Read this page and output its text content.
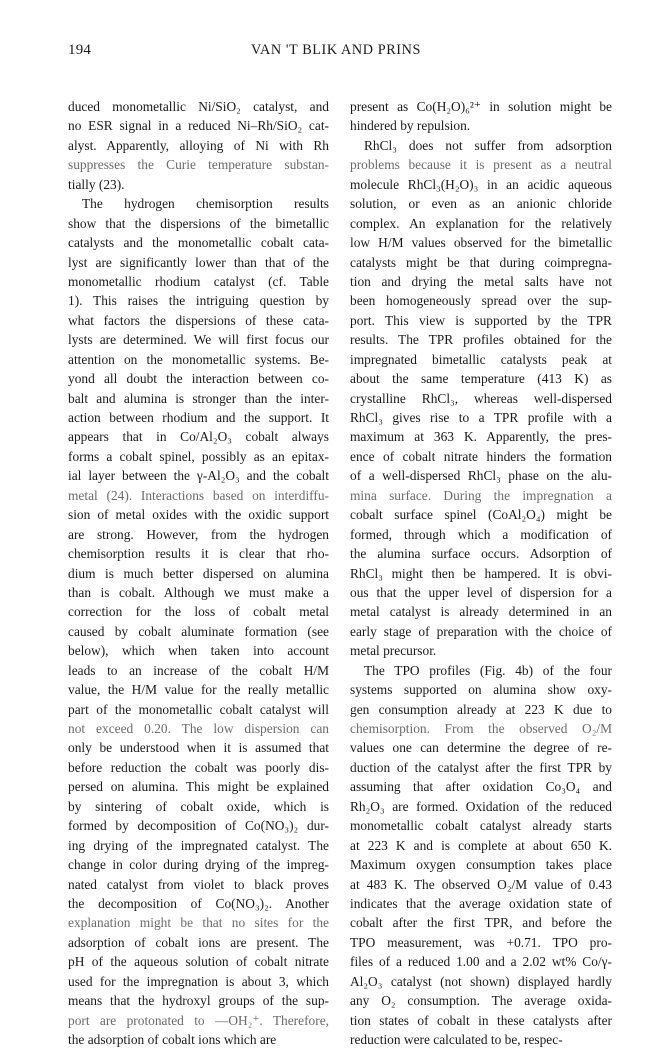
194	VAN 'T BLIK AND PRINS
duced monometallic Ni/SiO₂ catalyst, and
no ESR signal in a reduced Ni–Rh/SiO₂ cat-
alyst. Apparently, alloying of Ni with Rh
suppresses the Curie temperature substan-
tially (23).
The hydrogen chemisorption results
show that the dispersions of the bimetallic
catalysts and the monometallic cobalt cata-
lyst are significantly lower than that of the
monometallic rhodium catalyst (cf. Table
1). This raises the intriguing question by
what factors the dispersions of these cata-
lysts are determined. We will first focus our
attention on the monometallic systems. Be-
yond all doubt the interaction between co-
balt and alumina is stronger than the inter-
action between rhodium and the support. It
appears that in Co/Al₂O₃ cobalt always
forms a cobalt spinel, possibly as an epitax-
ial layer between the γ-Al₂O₃ and the cobalt
metal (24). Interactions based on interdiffu-
sion of metal oxides with the oxidic support
are strong. However, from the hydrogen
chemisorption results it is clear that rho-
dium is much better dispersed on alumina
than is cobalt. Although we must make a
correction for the loss of cobalt metal
caused by cobalt aluminate formation (see
below), which when taken into account
leads to an increase of the cobalt H/M
value, the H/M value for the really metallic
part of the monometallic cobalt catalyst will
not exceed 0.20. The low dispersion can
only be understood when it is assumed that
before reduction the cobalt was poorly dis-
persed on alumina. This might be explained
by sintering of cobalt oxide, which is
formed by decomposition of Co(NO₃)₂ dur-
ing drying of the impregnated catalyst. The
change in color during drying of the impreg-
nated catalyst from violet to black proves
the decomposition of Co(NO₃)₂. Another
explanation might be that no sites for the
adsorption of cobalt ions are present. The
pH of the aqueous solution of cobalt nitrate
used for the impregnation is about 3, which
means that the hydroxyl groups of the sup-
port are protonated to —OH₂⁺. Therefore,
the adsorption of cobalt ions which are
present as Co(H₂O)₆²⁺ in solution might be
hindered by repulsion.
RhCl₃ does not suffer from adsorption
problems because it is present as a neutral
molecule RhCl₃(H₂O)₃ in an acidic aqueous
solution, or even as an anionic chloride
complex. An explanation for the relatively
low H/M values observed for the bimetallic
catalysts might be that during coimpregna-
tion and drying the metal salts have not
been homogeneously spread over the sup-
port. This view is supported by the TPR
results. The TPR profiles obtained for the
impregnated bimetallic catalysts peak at
about the same temperature (413 K) as
crystalline RhCl₃, whereas well-dispersed
RhCl₃ gives rise to a TPR profile with a
maximum at 363 K. Apparently, the pres-
ence of cobalt nitrate hinders the formation
of a well-dispersed RhCl₃ phase on the alu-
mina surface. During the impregnation a
cobalt surface spinel (CoAl₂O₄) might be
formed, through which a modification of
the alumina surface occurs. Adsorption of
RhCl₃ might then be hampered. It is obvi-
ous that the upper level of dispersion for a
metal catalyst is already determined in an
early stage of preparation with the choice of
metal precursor.
The TPO profiles (Fig. 4b) of the four
systems supported on alumina show oxy-
gen consumption already at 223 K due to
chemisorption. From the observed O₂/M
values one can determine the degree of re-
duction of the catalyst after the first TPR by
assuming that after oxidation Co₃O₄ and
Rh₂O₃ are formed. Oxidation of the reduced
monometallic cobalt catalyst already starts
at 223 K and is complete at about 650 K.
Maximum oxygen consumption takes place
at 483 K. The observed O₂/M value of 0.43
indicates that the average oxidation state of
cobalt after the first TPR, and before the
TPO measurement, was +0.71. TPO pro-
files of a reduced 1.00 and a 2.02 wt% Co/γ-
Al₂O₃ catalyst (not shown) displayed hardly
any O₂ consumption. The average oxida-
tion states of cobalt in these catalysts after
reduction were calculated to be, respec-
